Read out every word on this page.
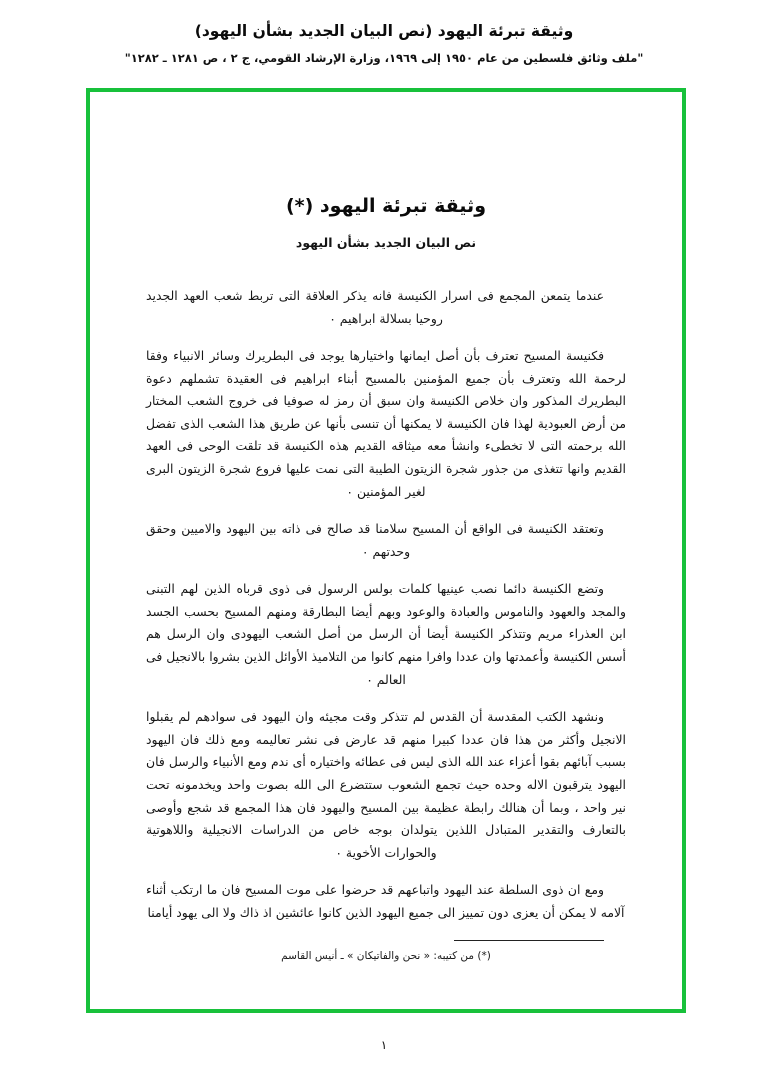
وثيقة تبرئة اليهود (نص البيان الجديد بشأن اليهود)
"ملف وثائق فلسطين من عام ١٩٥٠ إلى ١٩٦٩، وزارة الإرشاد القومي، ج ٢ ، ص ١٢٨١ ـ ١٢٨٢"
وثيقة تبرئة اليهود (*)
نص البيان الجديد بشأن اليهود

عندما يتمعن المجمع فى اسرار الكنيسة فانه يذكر العلاقة التى تربط شعب العهد الجديد روحيا بسلالة ابراهيم ٠

فكنيسة المسيح تعترف بأن أصل ايمانها واختيارها يوجد فى البطريرك وسائر الانبياء وفقا لرحمة الله وتعترف بأن جميع المؤمنين بالمسيح أبناء ابراهيم فى العقيدة تشملهم دعوة البطريرك المذكور وان خلاص الكنيسة وان سبق أن رمز له صوفيا فى خروج الشعب المختار من أرض العبودية لهذا فان الكنيسة لا يمكنها أن تنسى بأنها عن طريق هذا الشعب الذى تفضل الله برحمته التى لا تخطىء وانشأ معه ميثاقه القديم هذه الكنيسة قد تلقت الوحى فى العهد القديم وانها تتغذى من جذور شجرة الزيتون الطيبة التى نمت عليها فروع شجرة الزيتون البرى لغير المؤمنين ٠

وتعتقد الكنيسة فى الواقع أن المسيح سلامنا قد صالح فى ذاته بين اليهود والاميين وحقق وحدتهم ٠

وتضع الكنيسة دائما نصب عينيها كلمات بولس الرسول فى ذوى قرباه الذين لهم التبنى والمجد والعهود والناموس والعبادة والوعود وبهم أيضا البطارقة ومنهم المسيح بحسب الجسد ابن العذراء مريم وتتذكر الكنيسة أيضا أن الرسل من أصل الشعب اليهودى وان الرسل هم أسس الكنيسة وأعمدتها وان عددا وافرا منهم كانوا من التلاميذ الأوائل الذين بشروا بالانجيل فى العالم ٠

ونشهد الكتب المقدسة أن القدس لم تتذكر وقت مجيئه وان اليهود فى سوادهم لم يقبلوا الانجيل وأكثر من هذا فان عددا كبيرا منهم قد عارض فى نشر تعاليمه ومع ذلك فان اليهود بسبب آبائهم بقوا أعزاء عند الله الذى ليس فى عطائه واختياره أى ندم ومع الأنبياء والرسل فان اليهود يترقبون الاله وحده حيث تجمع الشعوب ستتضرع الى الله بصوت واحد ويخدمونه تحت نير واحد ، وبما أن هنالك رابطة عظيمة بين المسيح واليهود فان هذا المجمع قد شجع وأوصى بالتعارف والتقدير المتبادل اللذين يتولدان بوجه خاص من الدراسات الانجيلية واللاهوتية والحوارات الأخوية ٠

ومع ان ذوى السلطة عند اليهود واتباعهم قد حرضوا على موت المسيح فان ما ارتكب أثناء آلامه لا يمكن أن يعزى دون تمييز الى جميع اليهود الذين كانوا عائشين اذ ذاك ولا الى يهود أيامنا

(*) من كتيبه: « نحن والفاتيكان » ـ أنيس القاسم
١
